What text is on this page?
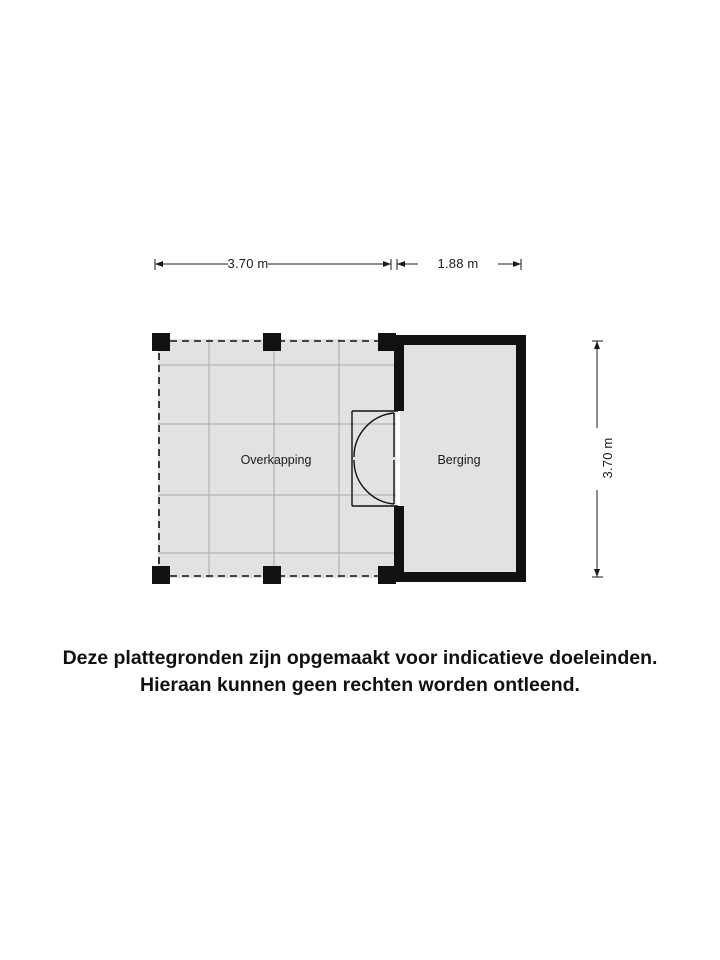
3.70 m	1.88 m
3.70 m
Overkapping	Berging
Deze plattegronden zijn opgemaakt voor indicatieve doeleinden.
Hieraan kunnen geen rechten worden ontleend.
